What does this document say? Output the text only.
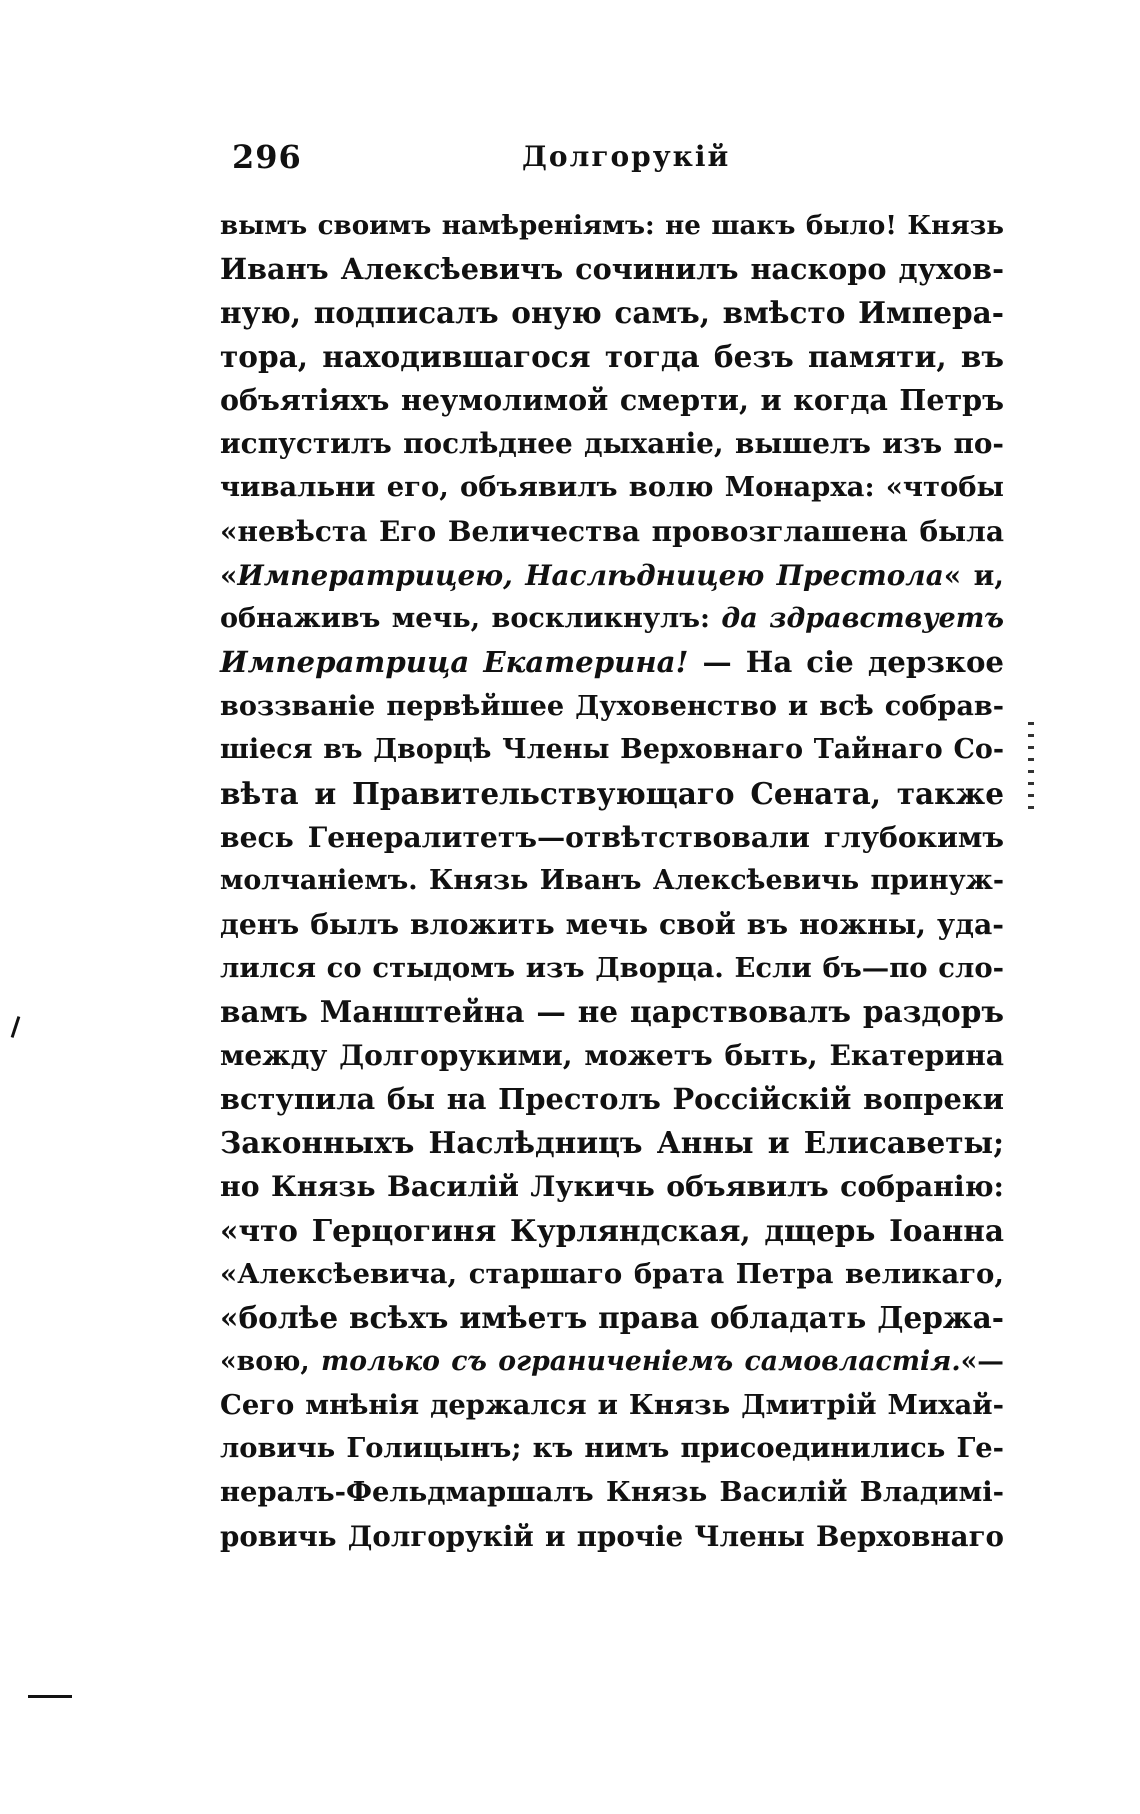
296	Долгорукій
вымъ своимъ намѣреніямъ: не шакъ было! Князь
Иванъ Алексѣевичъ сочинилъ наскоро духов-
ную, подписалъ оную самъ, вмѣсто Импера-
тора, находившагося тогда безъ памяти, въ
объятіяхъ неумолимой смерти, и когда Петръ
испустилъ послѣднее дыханіе, вышелъ изъ по-
чивальни его, объявилъ волю Монарха: «чтобы
«невѣста Его Величества провозглашена была
«Императрицею, Наслѣдницею Престола« и,
обнаживъ мечь, воскликнулъ: да здравствуетъ
Императрица Екатерина! — На сіе дерзкое
воззваніе первѣйшее Духовенство и всѣ собрав-
шіеся въ Дворцѣ Члены Верховнаго Тайнаго Со-
вѣта и Правительствующаго Сената, также
весь Генералитетъ—отвѣтствовали глубокимъ
молчаніемъ. Князь Иванъ Алексѣевичь принуж-
денъ былъ вложить мечь свой въ ножны, уда-
лился со стыдомъ изъ Дворца. Если бъ—по сло-
вамъ Манштейна — не царствовалъ раздоръ
между Долгорукими, можетъ быть, Екатерина
вступила бы на Престолъ Россійскій вопреки
Законныхъ Наслѣдницъ Анны и Елисаветы;
но Князь Василій Лукичь объявилъ собранію:
«что Герцогиня Курляндская, дщерь Іоанна
«Алексѣевича, старшаго брата Петра великаго,
«болѣе всѣхъ имѣетъ права обладать Держа-
«вою, только съ ограниченіемъ самовластія.«—
Сего мнѣнія держался и Князь Дмитрій Михай-
ловичь Голицынъ; къ нимъ присоединились Ге-
нералъ-Фельдмаршалъ Князь Василій Владимі-
ровичь Долгорукій и прочіе Члены Верховнаго
